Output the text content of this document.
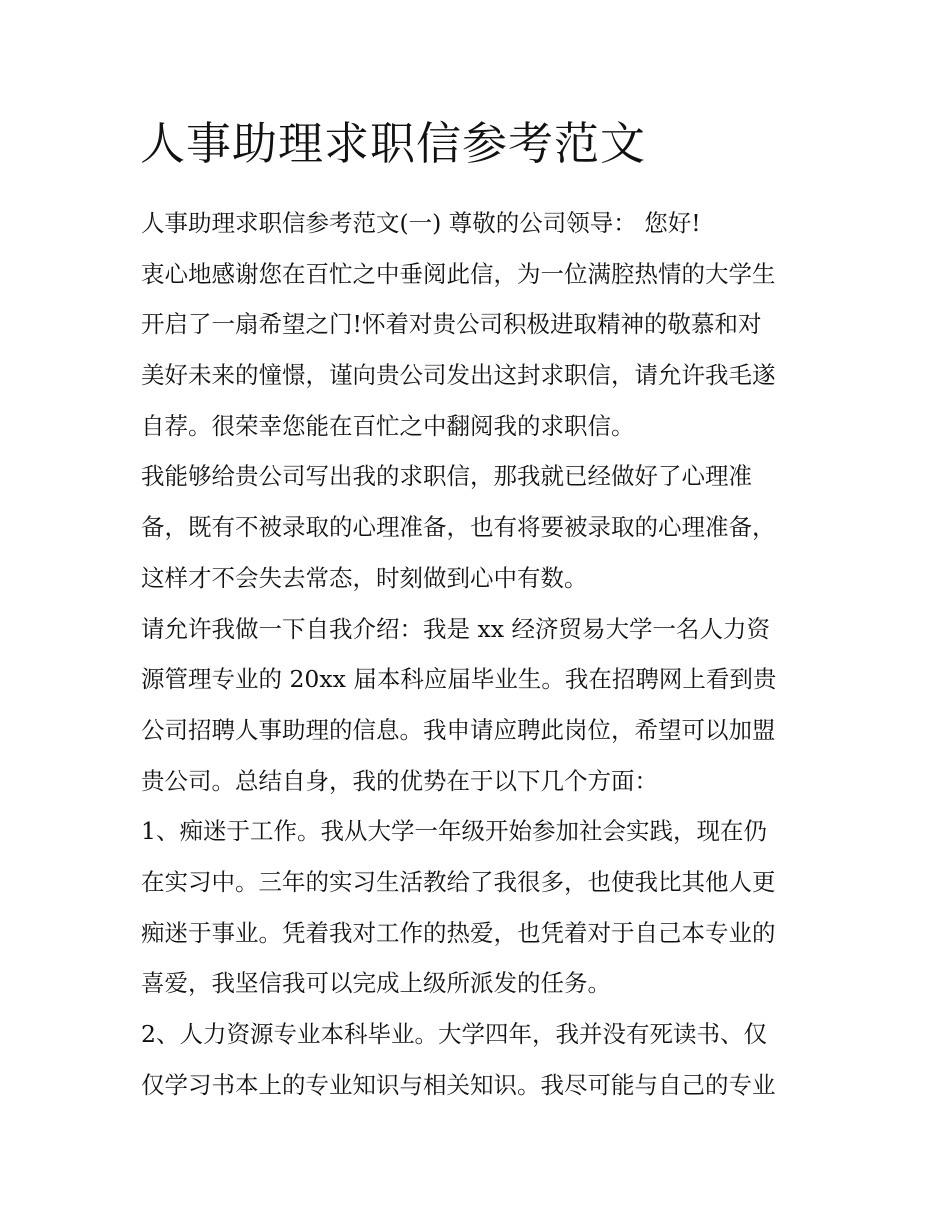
人事助理求职信参考范文
人事助理求职信参考范文(一) 尊敬的公司领导： 您好!
衷心地感谢您在百忙之中垂阅此信，为一位满腔热情的大学生
开启了一扇希望之门!怀着对贵公司积极进取精神的敬慕和对
美好未来的憧憬，谨向贵公司发出这封求职信，请允许我毛遂
自荐。很荣幸您能在百忙之中翻阅我的求职信。
我能够给贵公司写出我的求职信，那我就已经做好了心理准
备，既有不被录取的心理准备，也有将要被录取的心理准备，
这样才不会失去常态，时刻做到心中有数。
请允许我做一下自我介绍：我是 xx 经济贸易大学一名人力资
源管理专业的 20xx 届本科应届毕业生。我在招聘网上看到贵
公司招聘人事助理的信息。我申请应聘此岗位，希望可以加盟
贵公司。总结自身，我的优势在于以下几个方面：
1、痴迷于工作。我从大学一年级开始参加社会实践，现在仍
在实习中。三年的实习生活教给了我很多，也使我比其他人更
痴迷于事业。凭着我对工作的热爱，也凭着对于自己本专业的
喜爱，我坚信我可以完成上级所派发的任务。
2、人力资源专业本科毕业。大学四年，我并没有死读书、仅
仅学习书本上的专业知识与相关知识。我尽可能与自己的专业
